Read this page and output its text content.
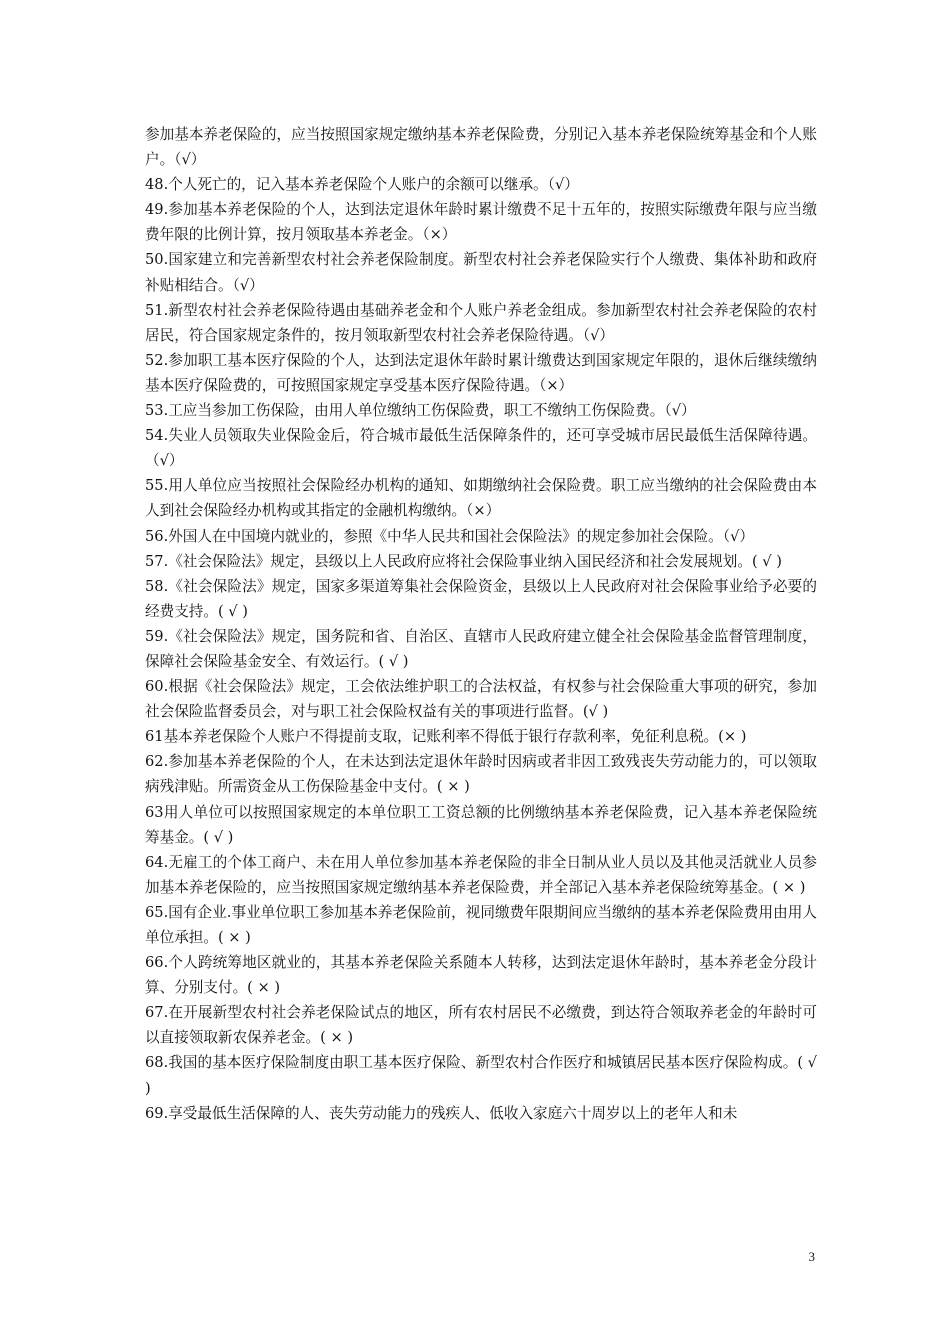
参加基本养老保险的，应当按照国家规定缴纳基本养老保险费，分别记入基本养老保险统筹基金和个人账户。（√）

48.个人死亡的，记入基本养老保险个人账户的余额可以继承。（√）

49.参加基本养老保险的个人，达到法定退休年龄时累计缴费不足十五年的，按照实际缴费年限与应当缴费年限的比例计算，按月领取基本养老金。（×）

50.国家建立和完善新型农村社会养老保险制度。新型农村社会养老保险实行个人缴费、集体补助和政府补贴相结合。（√）

51.新型农村社会养老保险待遇由基础养老金和个人账户养老金组成。参加新型农村社会养老保险的农村居民，符合国家规定条件的，按月领取新型农村社会养老保险待遇。（√）

52.参加职工基本医疗保险的个人，达到法定退休年龄时累计缴费达到国家规定年限的，退休后继续缴纳基本医疗保险费的，可按照国家规定享受基本医疗保险待遇。（×）

53.工应当参加工伤保险，由用人单位缴纳工伤保险费，职工不缴纳工伤保险费。（√）

54.失业人员领取失业保险金后，符合城市最低生活保障条件的，还可享受城市居民最低生活保障待遇。（√）

55.用人单位应当按照社会保险经办机构的通知、如期缴纳社会保险费。职工应当缴纳的社会保险费由本人到社会保险经办机构或其指定的金融机构缴纳。（×）

56.外国人在中国境内就业的，参照《中华人民共和国社会保险法》的规定参加社会保险。（√）

57.《社会保险法》规定，县级以上人民政府应将社会保险事业纳入国民经济和社会发展规划。( √ )

58.《社会保险法》规定，国家多渠道筹集社会保险资金，县级以上人民政府对社会保险事业给予必要的经费支持。( √ )

59.《社会保险法》规定，国务院和省、自治区、直辖市人民政府建立健全社会保险基金监督管理制度，保障社会保险基金安全、有效运行。( √ )

60.根据《社会保险法》规定，工会依法维护职工的合法权益，有权参与社会保险重大事项的研究，参加社会保险监督委员会，对与职工社会保险权益有关的事项进行监督。(√ )

61基本养老保险个人账户不得提前支取，记账利率不得低于银行存款利率，免征利息税。(× )

62.参加基本养老保险的个人，在未达到法定退休年龄时因病或者非因工致残丧失劳动能力的，可以领取病残津贴。所需资金从工伤保险基金中支付。( × )

63用人单位可以按照国家规定的本单位职工工资总额的比例缴纳基本养老保险费，记入基本养老保险统筹基金。( √ )

64.无雇工的个体工商户、未在用人单位参加基本养老保险的非全日制从业人员以及其他灵活就业人员参加基本养老保险的，应当按照国家规定缴纳基本养老保险费，并全部记入基本养老保险统筹基金。( × )

65.国有企业.事业单位职工参加基本养老保险前，视同缴费年限期间应当缴纳的基本养老保险费用由用人单位承担。( × )

66.个人跨统筹地区就业的，其基本养老保险关系随本人转移，达到法定退休年龄时，基本养老金分段计算、分别支付。( × )

67.在开展新型农村社会养老保险试点的地区，所有农村居民不必缴费，到达符合领取养老金的年龄时可以直接领取新农保养老金。( × )

68.我国的基本医疗保险制度由职工基本医疗保险、新型农村合作医疗和城镇居民基本医疗保险构成。( √ )

69.享受最低生活保障的人、丧失劳动能力的残疾人、低收入家庭六十周岁以上的老年人和未

3
